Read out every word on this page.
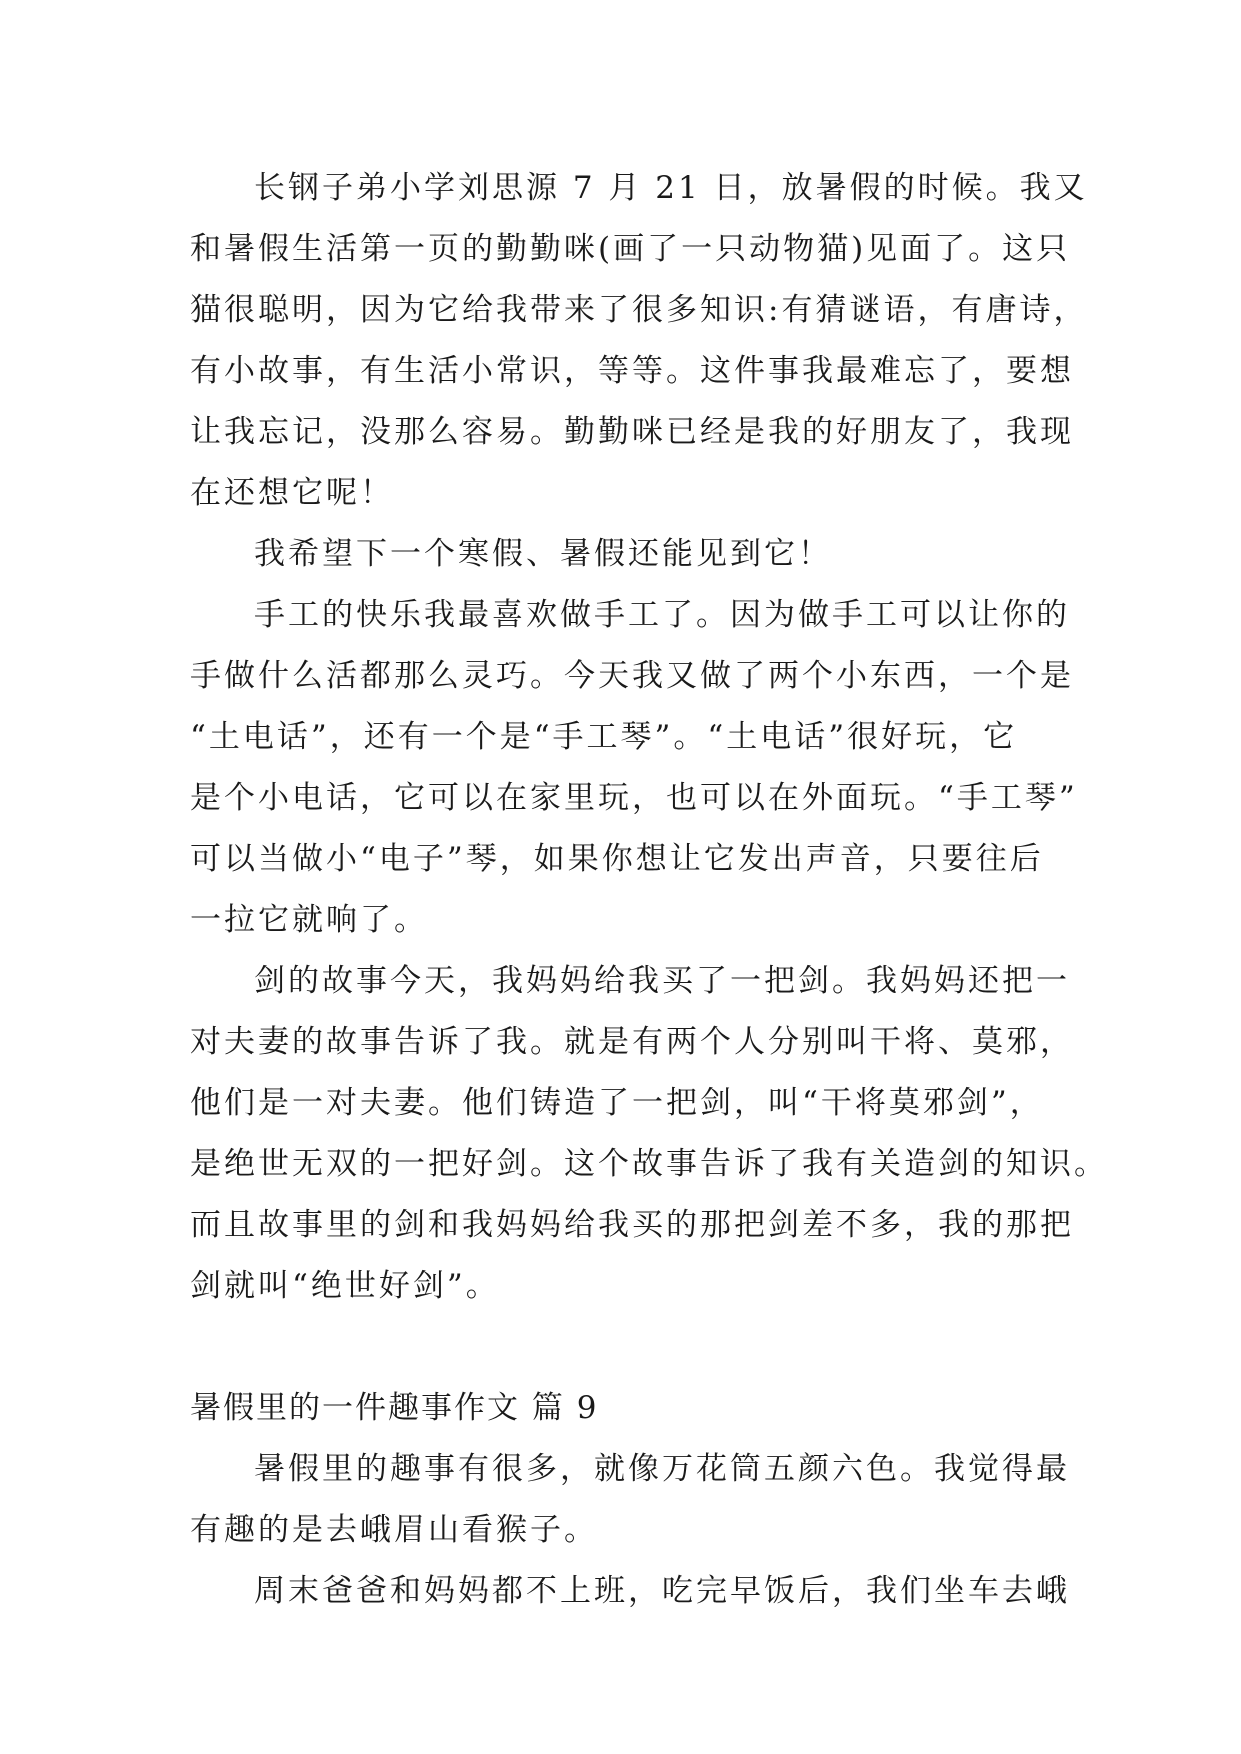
长钢子弟小学刘思源 7 月 21 日，放暑假的时候。我又
和暑假生活第一页的勤勤咪(画了一只动物猫)见面了。这只
猫很聪明，因为它给我带来了很多知识:有猜谜语，有唐诗，
有小故事，有生活小常识，等等。这件事我最难忘了，要想
让我忘记，没那么容易。勤勤咪已经是我的好朋友了，我现
在还想它呢！
我希望下一个寒假、暑假还能见到它！
手工的快乐我最喜欢做手工了。因为做手工可以让你的
手做什么活都那么灵巧。今天我又做了两个小东西，一个是
“土电话”，还有一个是“手工琴”。“土电话”很好玩，它
是个小电话，它可以在家里玩，也可以在外面玩。“手工琴”
可以当做小“电子”琴，如果你想让它发出声音，只要往后
一拉它就响了。
剑的故事今天，我妈妈给我买了一把剑。我妈妈还把一
对夫妻的故事告诉了我。就是有两个人分别叫干将、莫邪，
他们是一对夫妻。他们铸造了一把剑，叫“干将莫邪剑”，
是绝世无双的一把好剑。这个故事告诉了我有关造剑的知识。
而且故事里的剑和我妈妈给我买的那把剑差不多，我的那把
剑就叫“绝世好剑”。
暑假里的一件趣事作文 篇 9
暑假里的趣事有很多，就像万花筒五颜六色。我觉得最
有趣的是去峨眉山看猴子。
周末爸爸和妈妈都不上班，吃完早饭后，我们坐车去峨
